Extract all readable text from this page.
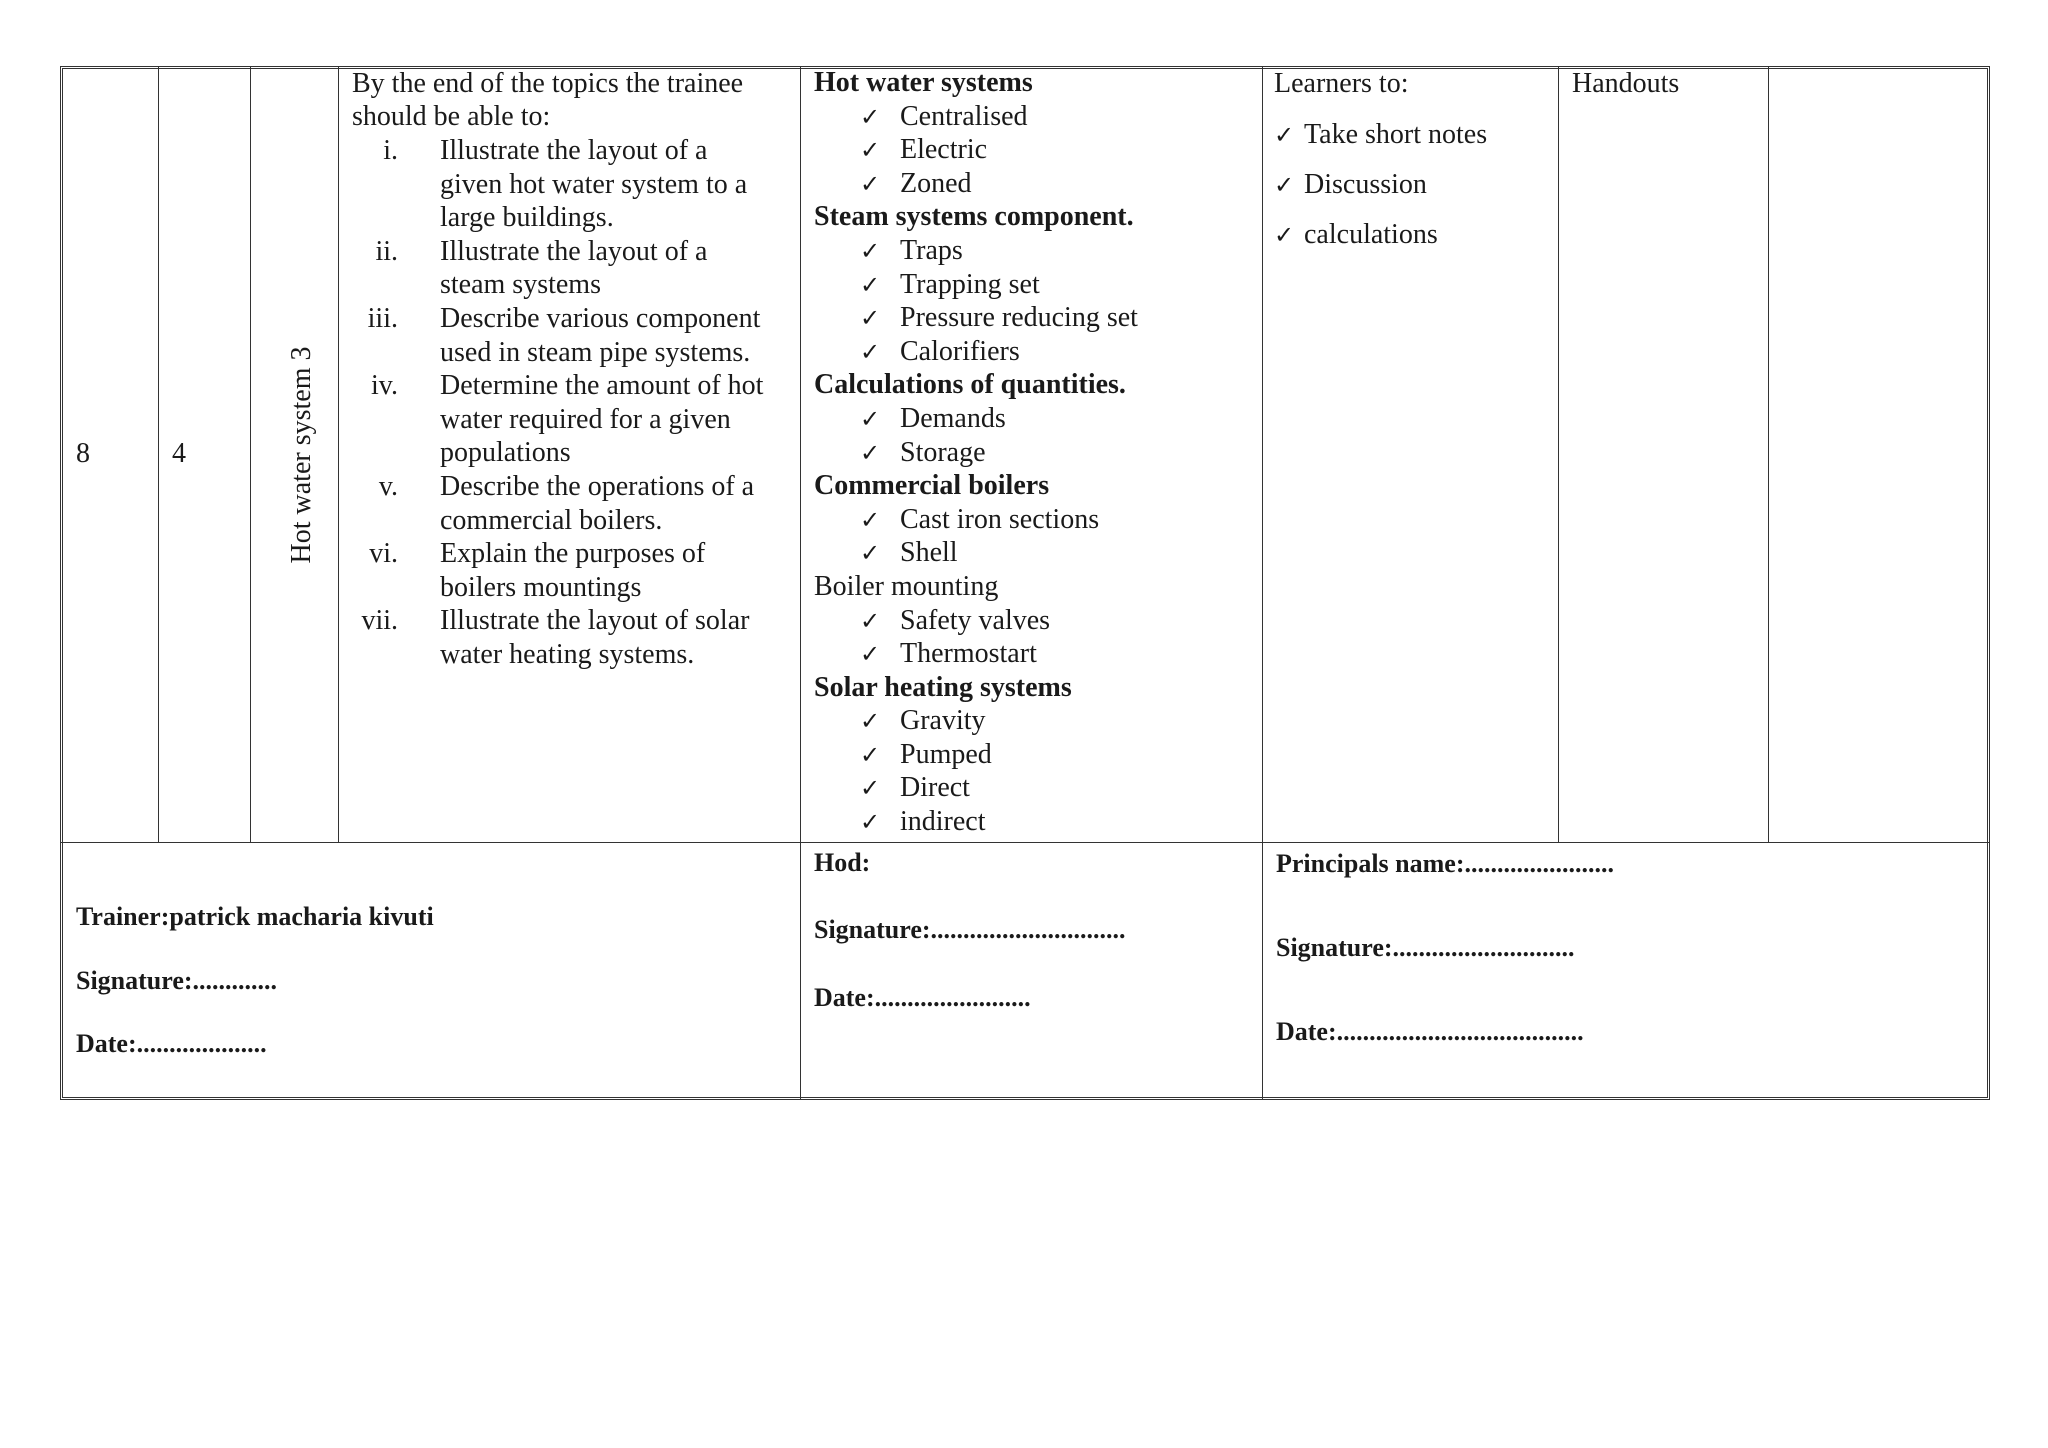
8	4	Hot water system 3
By the end of the topics the trainee
should be able to:
i. Illustrate the layout of a
given hot water system to a
large buildings.
ii. Illustrate the layout of a
steam systems
iii. Describe various component
used in steam pipe systems.
iv. Determine the amount of hot
water required for a given
populations
v. Describe the operations of a
commercial boilers.
vi. Explain the purposes of
boilers mountings
vii. Illustrate the layout of solar
water heating systems.
Hot water systems
✓ Centralised
✓ Electric
✓ Zoned
Steam systems component.
✓ Traps
✓ Trapping set
✓ Pressure reducing set
✓ Calorifiers
Calculations of quantities.
✓ Demands
✓ Storage
Commercial boilers
✓ Cast iron sections
✓ Shell
Boiler mounting
✓ Safety valves
✓ Thermostart
Solar heating systems
✓ Gravity
✓ Pumped
✓ Direct
✓ indirect
Learners to:
✓ Take short notes
✓ Discussion
✓ calculations
Handouts
Trainer:patrick macharia kivuti
Signature:.............
Date:....................
Hod:
Signature:..............................
Date:........................
Principals name:.......................
Signature:............................
Date:......................................
